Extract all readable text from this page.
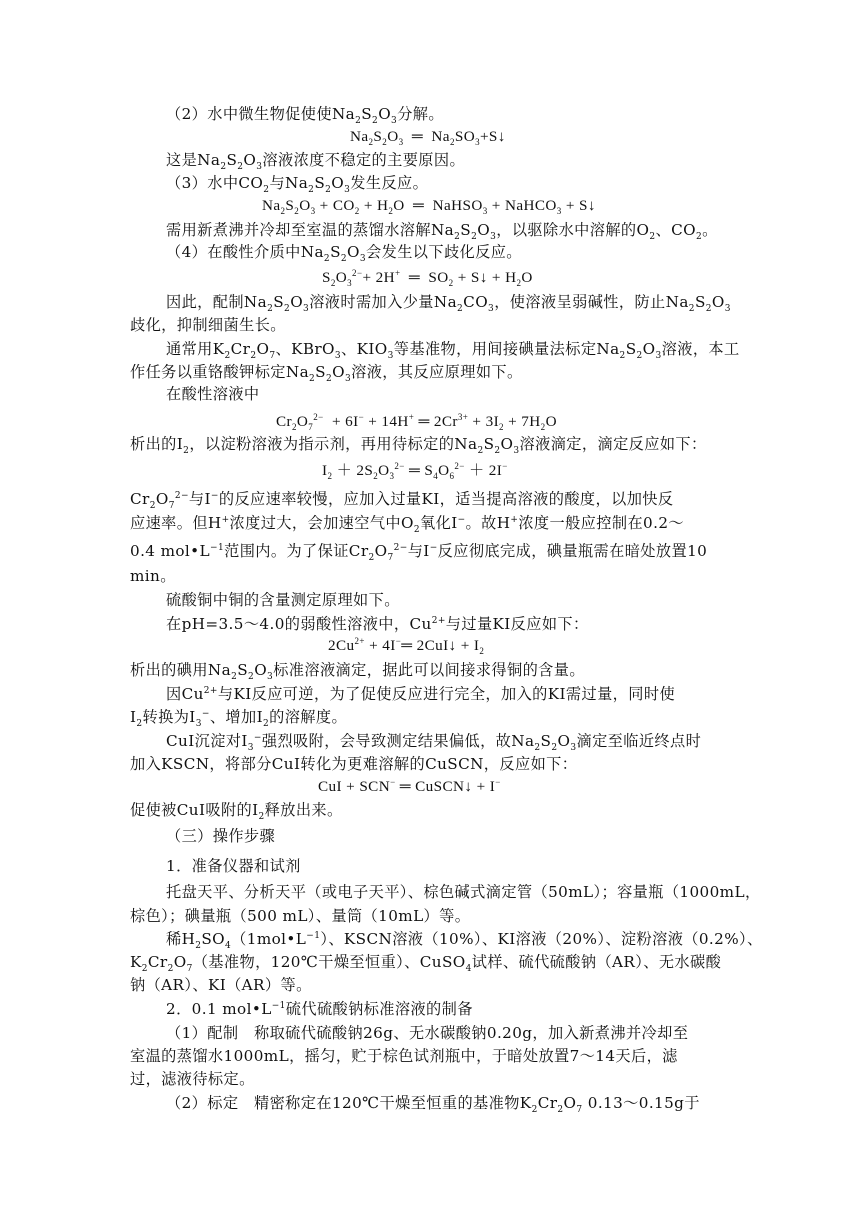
（2）水中微生物促使使$Na_2S_2O_3$分解。
$Na_2S_2O_3$  ═  $Na_2SO_3+S↓$
这是$Na_2S_2O_3$溶液浓度不稳定的主要原因。
（3）水中$CO_2$与$Na_2S_2O_3$发生反应。
$Na_2S_2O_3 + CO_2 + H_2O$  ═  NaHSO$_3$ + NaHCO$_3$ + S↓
需用新煮沸并冷却至室温的蒸馏水溶解$Na_2S_2O_3$，以驱除水中溶解的$O_2$、$CO_2$。
（4）在酸性介质中$Na_2S_2O_3$会发生以下歧化反应。
$S_2O_3^{2-}+ 2H^+$  ═  $SO_2$ + S↓ + $H_2O$
因此，配制$Na_2S_2O_3$溶液时需加入少量$Na_2CO_3$，使溶液呈弱碱性，防止$Na_2S_2O_3$
歧化，抑制细菌生长。
通常用$K_2Cr_2O_7$、KBrO$_3$、$KIO_3$等基准物，用间接碘量法标定$Na_2S_2O_3$溶液，本工
作任务以重铬酸钾标定$Na_2S_2O_3$溶液，其反应原理如下。
在酸性溶液中
$Cr_2O_7^{2-} + 6I^- + 14H^+$ ═ $2Cr^{3+} + 3I_2 + 7H_2O$
析出的$I_2$，以淀粉溶液为指示剂，再用待标定的$Na_2S_2O_3$溶液滴定，滴定反应如下：
$I_2 + 2S_2O_3^{2-}$ ═ $S_4O_6^{2-} + 2I^-$
$Cr_2O_7^{2-}$与I−的反应速率较慢，应加入过量KI，适当提高溶液的酸度，以加快反
应速率。但H+浓度过大，会加速空气中$O_2$氧化I−。故H+浓度一般应控制在0.2～
0.4 $mol•L^{-1}$范围内。为了保证$Cr_2O_7^{2-}$与I−反应彻底完成，碘量瓶需在暗处放置10
min。
硫酸铜中铜的含量测定原理如下。
在pH=3.5～4.0的弱酸性溶液中，$Cu^{2+}$与过量KI反应如下：
$2Cu^{2+}$ + 4I−═ 2CuI↓ + $I_2$
析出的碘用$Na_2S_2O_3$标准溶液滴定，据此可以间接求得铜的含量。
因$Cu^{2+}$与KI反应可逆，为了促使反应进行完全，加入的KI需过量，同时使
$I_2$转换为$I_3^-$、增加$I_2$的溶解度。
CuI沉淀对$I_3^-$强烈吸附，会导致测定结果偏低，故$Na_2S_2O_3$滴定至临近终点时
加入KSCN，将部分CuI转化为更难溶解的CuSCN，反应如下：
CuI + SCN− ═ CuSCN↓ + I−
促使被CuI吸附的$I_2$释放出来。
（三）操作步骤
1．准备仪器和试剂
托盘天平、分析天平（或电子天平）、棕色碱式滴定管（50mL）；容量瓶（1000mL，
棕色）；碘量瓶（500 mL）、量筒（10mL）等。
稀$H_2SO_4(1mol•L^{-1})$、KSCN溶液（10%）、KI溶液（20%）、淀粉溶液（0.2%）、
$K_2Cr_2O_7$（基准物，120℃干燥至恒重）、CuSO$_4$试样、硫代硫酸钠（AR）、无水碳酸
钠（AR）、KI（AR）等。
2．0.1 $mol•L^{-1}$硫代硫酸钠标准溶液的制备
（1）配制　称取硫代硫酸钠26g、无水碳酸钠0.20g，加入新煮沸并冷却至
室温的蒸馏水1000mL，摇匀，贮于棕色试剂瓶中，于暗处放置7～14天后，滤
过，滤液待标定。
（2）标定　精密称定在120℃干燥至恒重的基准物$K_2Cr_2O_7$ 0.13～0.15g于
